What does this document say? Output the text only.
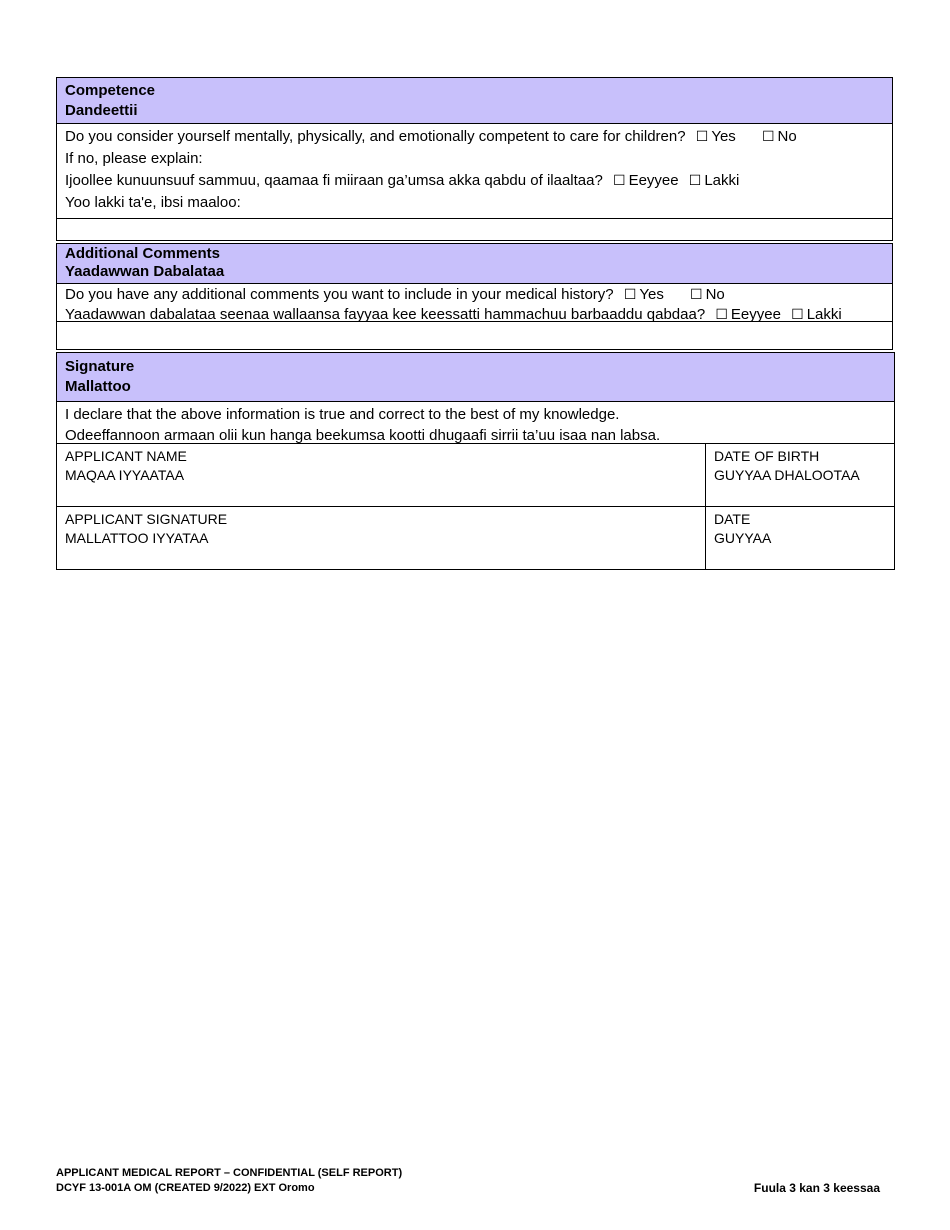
Competence
Dandeettii
Do you consider yourself mentally, physically, and emotionally competent to care for children? ☐ Yes ☐ No
If no, please explain:
Ijoollee kunuunsuuf sammuu, qaamaa fi miiraan ga’umsa akka qabdu of ilaaltaa? ☐ Eeyyee ☐ Lakki
Yoo lakki ta'e, ibsi maaloo:
Additional Comments
Yaadawwan Dabalataa
Do you have any additional comments you want to include in your medical history? ☐ Yes ☐ No
Yaadawwan dabalataa seenaa wallaansa fayyaa kee keessatti hammachuu barbaaddu qabdaa? ☐ Eeyyee ☐ Lakki
Signature
Mallattoo
I declare that the above information is true and correct to the best of my knowledge.
Odeeffannoon armaan olii kun hanga beekumsa kootti dhugaafi sirrii ta’uu isaa nan labsa.
APPLICANT NAME
MAQAA IYYAATAA
DATE OF BIRTH
GUYYAA DHALOOTAA
APPLICANT SIGNATURE
MALLATTOO IYYATAA
DATE
GUYYAA
APPLICANT MEDICAL REPORT – CONFIDENTIAL (SELF REPORT)
DCYF 13-001A OM (CREATED 9/2022) EXT Oromo	Fuula 3 kan 3 keessaa
